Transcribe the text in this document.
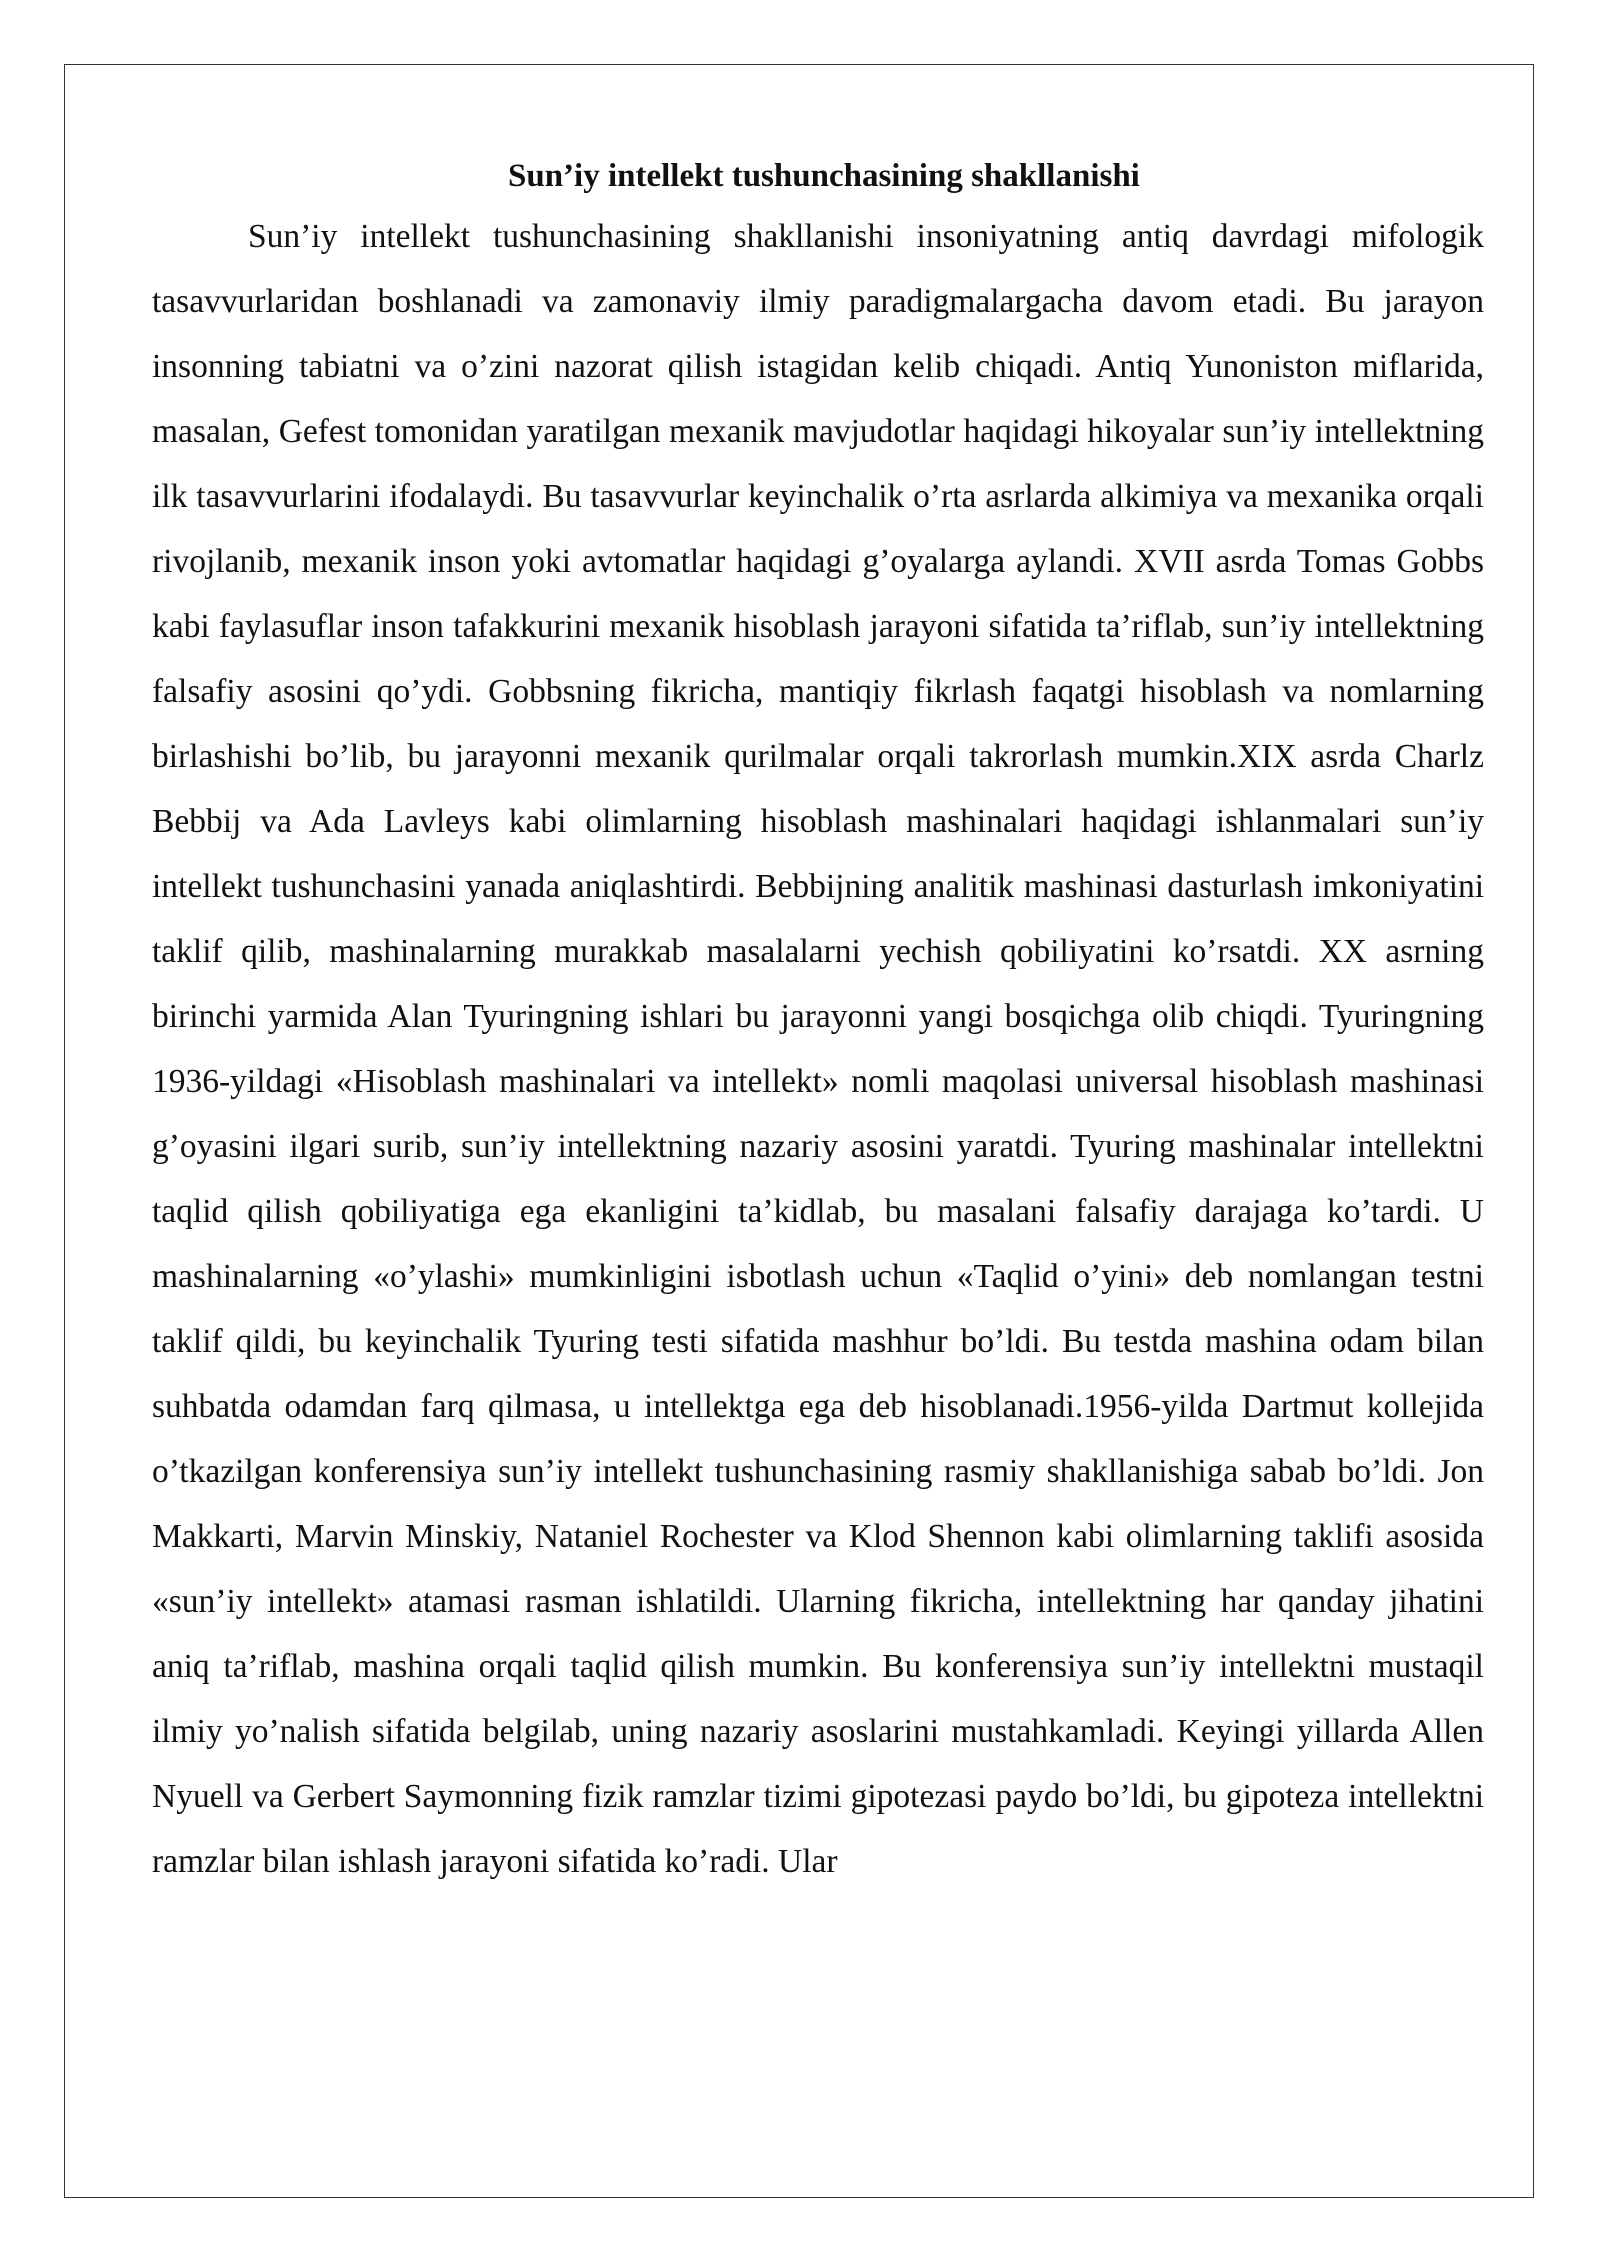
Sun’iy intellekt tushunchasining shakllanishi

Sun’iy intellekt tushunchasining shakllanishi insoniyatning antiq davrdagi mifologik tasavvurlaridan boshlanadi va zamonaviy ilmiy paradigmalargacha davom etadi. Bu jarayon insonning tabiatni va o’zini nazorat qilish istagidan kelib chiqadi. Antiq Yunoniston miflarida, masalan, Gefest tomonidan yaratilgan mexanik mavjudotlar haqidagi hikoyalar sun’iy intellektning ilk tasavvurlarini ifodalaydi. Bu tasavvurlar keyinchalik o’rta asrlarda alkimiya va mexanika orqali rivojlanib, mexanik inson yoki avtomatlar haqidagi g’oyalarga aylandi. XVII asrda Tomas Gobbs kabi faylasuflar inson tafakkurini mexanik hisoblash jarayoni sifatida ta’riflab, sun’iy intellektning falsafiy asosini qo’ydi. Gobbsning fikricha, mantiqiy fikrlash faqatgi hisoblash va nomlarning birlashishi bo’lib, bu jarayonni mexanik qurilmalar orqali takrorlash mumkin.XIX asrda Charlz Bebbij va Ada Lavleys kabi olimlarning hisoblash mashinalari haqidagi ishlanmalari sun’iy intellekt tushunchasini yanada aniqlashtirdi. Bebbijning analitik mashinasi dasturlash imkoniyatini taklif qilib, mashinalarning murakkab masalalarni yechish qobiliyatini ko’rsatdi. XX asrning birinchi yarmida Alan Tyuringning ishlari bu jarayonni yangi bosqichga olib chiqdi. Tyuringning 1936-yildagi «Hisoblash mashinalari va intellekt» nomli maqolasi universal hisoblash mashinasi g’oyasini ilgari surib, sun’iy intellektning nazariy asosini yaratdi. Tyuring mashinalar intellektni taqlid qilish qobiliyatiga ega ekanligini ta’kidlab, bu masalani falsafiy darajaga ko’tardi. U mashinalarning «o’ylashi» mumkinligini isbotlash uchun «Taqlid o’yini» deb nomlangan testni taklif qildi, bu keyinchalik Tyuring testi sifatida mashhur bo’ldi. Bu testda mashina odam bilan suhbatda odamdan farq qilmasa, u intellektga ega deb hisoblanadi.1956-yilda Dartmut kollejida o’tkazilgan konferensiya sun’iy intellekt tushunchasining rasmiy shakllanishiga sabab bo’ldi. Jon Makkarti, Marvin Minskiy, Nataniel Rochester va Klod Shennon kabi olimlarning taklifi asosida «sun’iy intellekt» atamasi rasman ishlatildi. Ularning fikricha, intellektning har qanday jihatini aniq ta’riflab, mashina orqali taqlid qilish mumkin. Bu konferensiya sun’iy intellektni mustaqil ilmiy yo’nalish sifatida belgilab, uning nazariy asoslarini mustahkamladi. Keyingi yillarda Allen Nyuell va Gerbert Saymonning fizik ramzlar tizimi gipotezasi paydo bo’ldi, bu gipoteza intellektni ramzlar bilan ishlash jarayoni sifatida ko’radi. Ular
